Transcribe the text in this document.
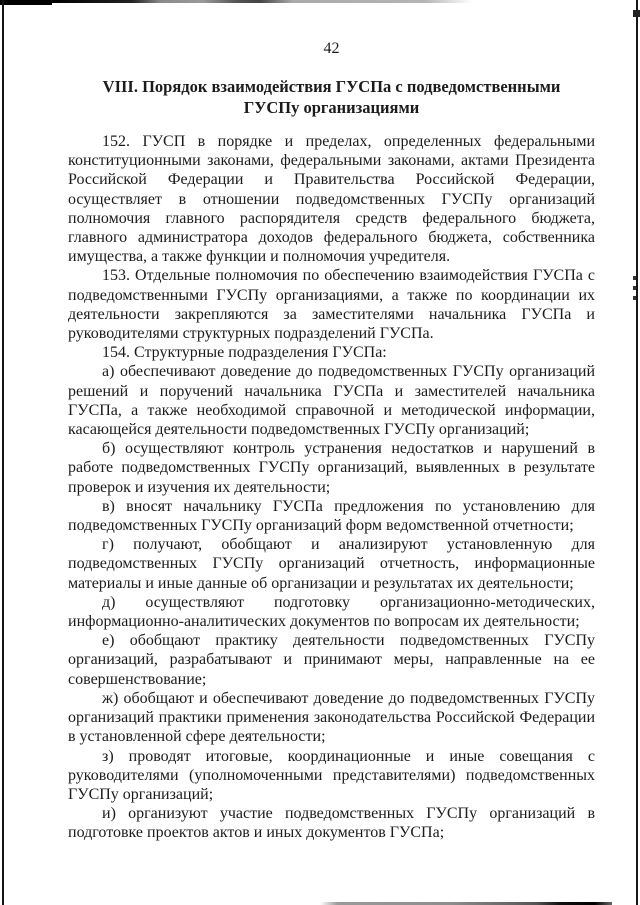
42
VIII. Порядок взаимодействия ГУСПа с подведомственными ГУСПу организациями

152. ГУСП в порядке и пределах, определенных федеральными конституционными законами, федеральными законами, актами Президента Российской Федерации и Правительства Российской Федерации, осуществляет в отношении подведомственных ГУСПу организаций полномочия главного распорядителя средств федерального бюджета, главного администратора доходов федерального бюджета, собственника имущества, а также функции и полномочия учредителя.

153. Отдельные полномочия по обеспечению взаимодействия ГУСПа с подведомственными ГУСПу организациями, а также по координации их деятельности закрепляются за заместителями начальника ГУСПа и руководителями структурных подразделений ГУСПа.

154. Структурные подразделения ГУСПа:

а) обеспечивают доведение до подведомственных ГУСПу организаций решений и поручений начальника ГУСПа и заместителей начальника ГУСПа, а также необходимой справочной и методической информации, касающейся деятельности подведомственных ГУСПу организаций;

б) осуществляют контроль устранения недостатков и нарушений в работе подведомственных ГУСПу организаций, выявленных в результате проверок и изучения их деятельности;

в) вносят начальнику ГУСПа предложения по установлению для подведомственных ГУСПу организаций форм ведомственной отчетности;

г) получают, обобщают и анализируют установленную для подведомственных ГУСПу организаций отчетность, информационные материалы и иные данные об организации и результатах их деятельности;

д) осуществляют подготовку организационно-методических, информационно-аналитических документов по вопросам их деятельности;

е) обобщают практику деятельности подведомственных ГУСПу организаций, разрабатывают и принимают меры, направленные на ее совершенствование;

ж) обобщают и обеспечивают доведение до подведомственных ГУСПу организаций практики применения законодательства Российской Федерации в установленной сфере деятельности;

з) проводят итоговые, координационные и иные совещания с руководителями (уполномоченными представителями) подведомственных ГУСПу организаций;

и) организуют участие подведомственных ГУСПу организаций в подготовке проектов актов и иных документов ГУСПа;
